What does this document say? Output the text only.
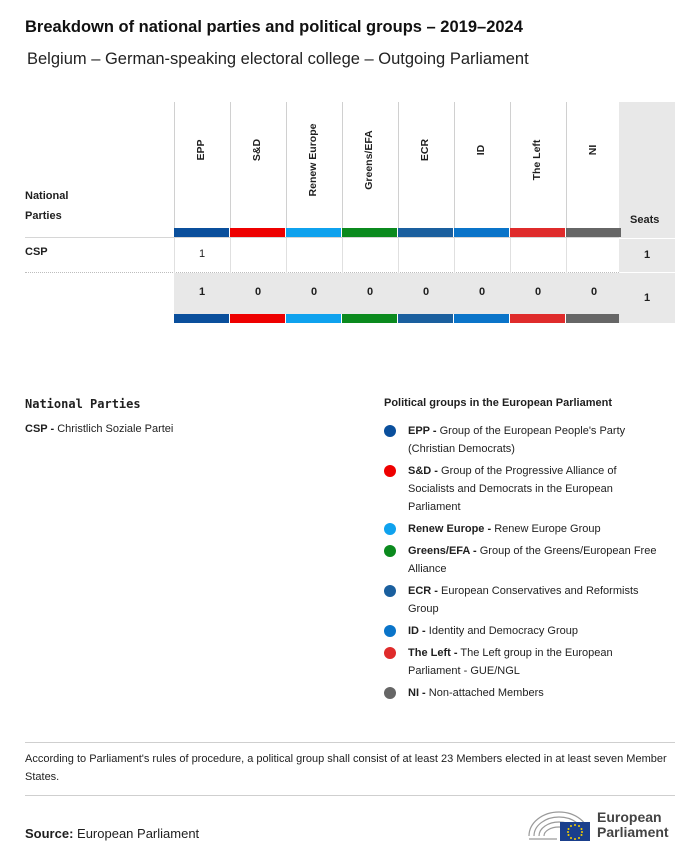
Breakdown of national parties and political groups – 2019–2024
Belgium – German-speaking electoral college – Outgoing Parliament
National Parties	Seats
CSP
EPP
1
1
S&D
0
Renew Europe
0
Greens/EFA
0
ECR
0
ID
0
The Left
0
NI
0
1
1
National Parties
CSP - Christlich Soziale Partei
Political groups in the European Parliament
EPP - Group of the European People's Party (Christian Democrats)
S&D - Group of the Progressive Alliance of Socialists and Democrats in the European Parliament
Renew Europe - Renew Europe Group
Greens/EFA - Group of the Greens/European Free Alliance
ECR - European Conservatives and Reformists Group
ID - Identity and Democracy Group
The Left - The Left group in the European Parliament - GUE/NGL
NI - Non-attached Members
According to Parliament's rules of procedure, a political group shall consist of at least 23 Members elected in at least seven Member States.
Source: European Parliament
European
Parliament
